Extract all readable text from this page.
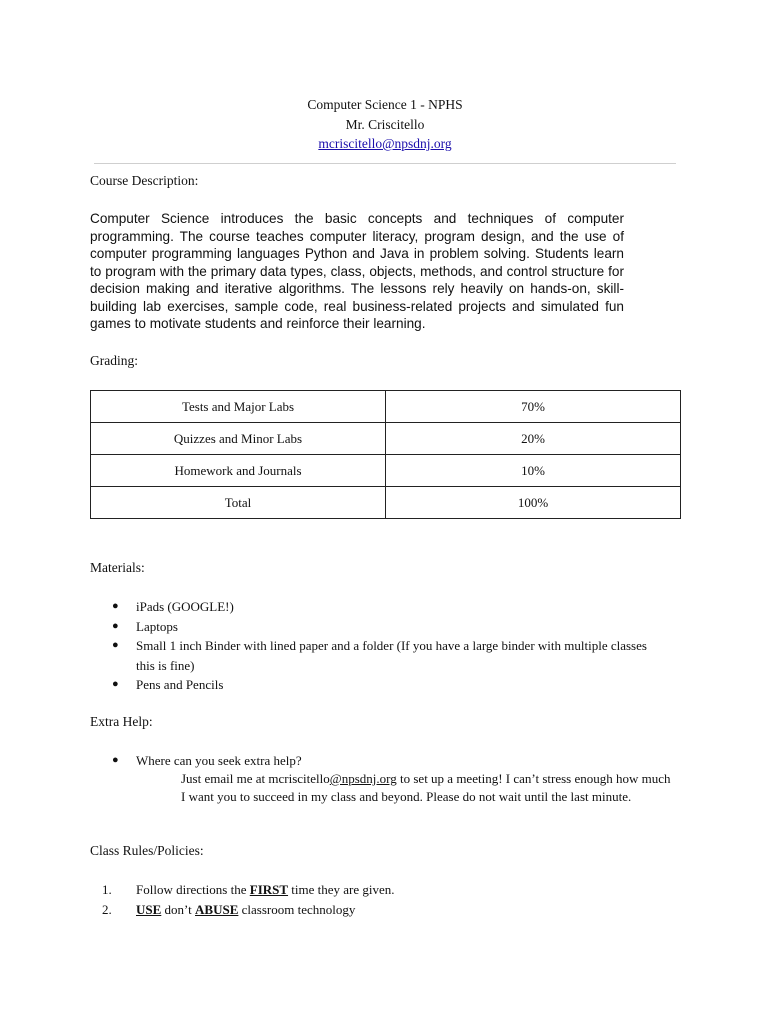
Computer Science 1 - NPHS
Mr. Criscitello
mcriscitello@npsdnj.org
Course Description:
Computer Science introduces the basic concepts and techniques of computer programming. The course teaches computer literacy, program design, and the use of computer programming languages Python and Java in problem solving. Students learn to program with the primary data types, class, objects, methods, and control structure for decision making and iterative algorithms. The lessons rely heavily on hands-on, skill-building lab exercises, sample code, real business-related projects and simulated fun games to motivate students and reinforce their learning.
Grading:
Tests and Major Labs	70%
Quizzes and Minor Labs	20%
Homework and Journals	10%
Total	100%
Materials:
● iPads (GOOGLE!)
● Laptops
● Small 1 inch Binder with lined paper and a folder (If you have a large binder with multiple classes this is fine)
● Pens and Pencils
Extra Help:
● Where can you seek extra help?
Just email me at mcriscitello@npsdnj.org to set up a meeting! I can’t stress enough how much I want you to succeed in my class and beyond. Please do not wait until the last minute.
Class Rules/Policies:
1. Follow directions the FIRST time they are given.
2. USE don’t ABUSE classroom technology
